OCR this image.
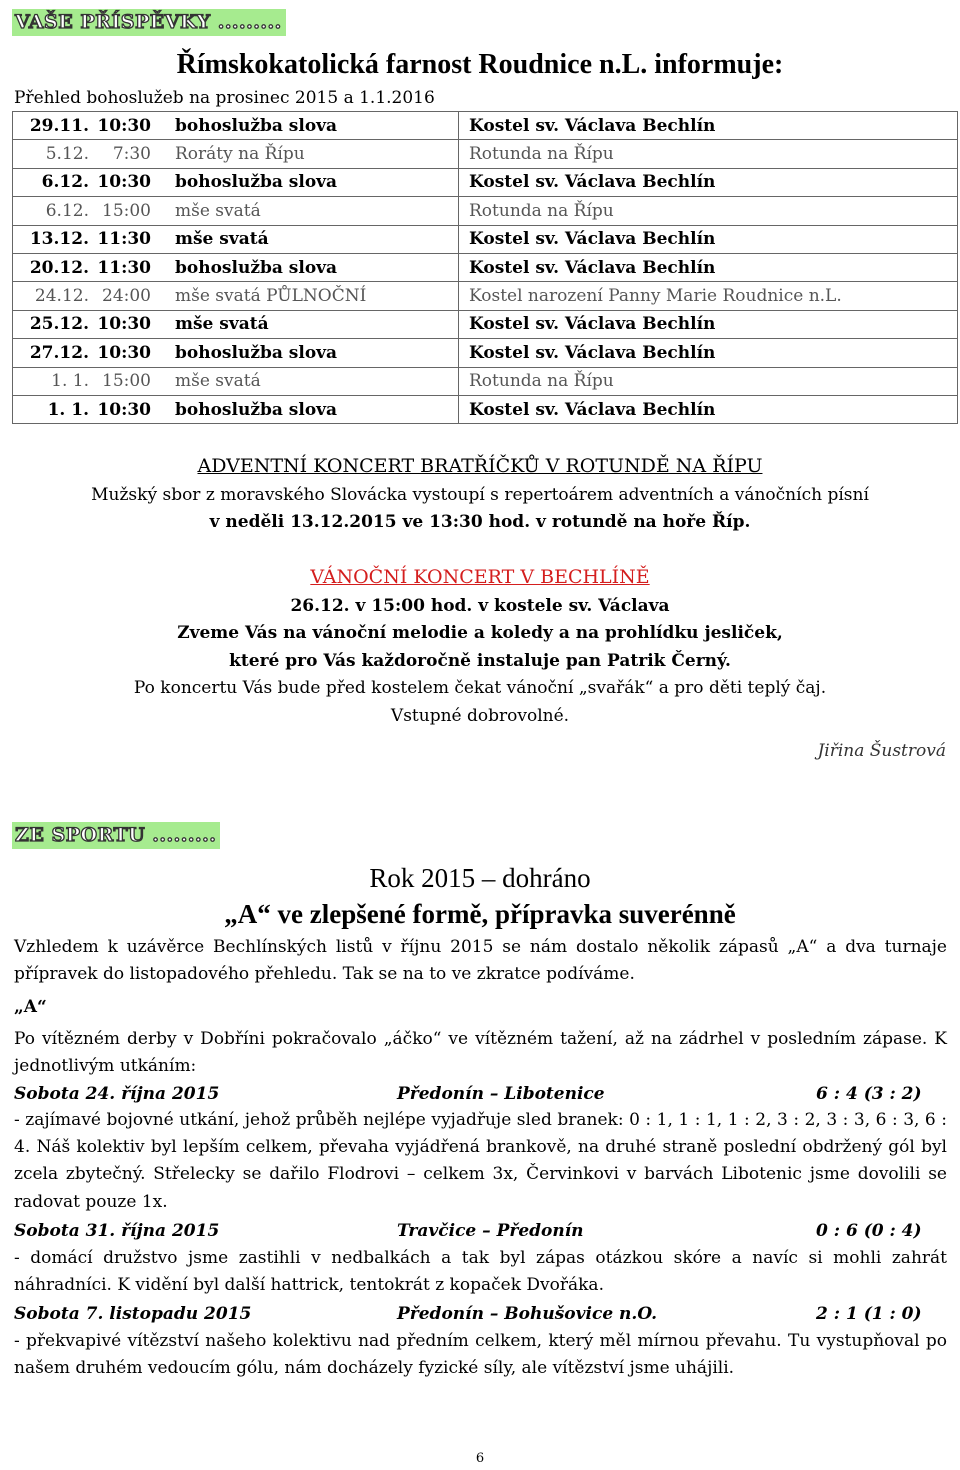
VAŠE PŘÍSPĚVKY .........
Římskokatolická farnost Roudnice n.L. informuje:
Přehled bohoslužeb na prosinec 2015 a 1.1.2016
29.11. 10:30 bohoslužba slova	Kostel sv. Václava Bechlín
5.12. 7:30 Roráty na Řípu	Rotunda na Řípu
6.12. 10:30 bohoslužba slova	Kostel sv. Václava Bechlín
6.12. 15:00 mše svatá	Rotunda na Řípu
13.12. 11:30 mše svatá	Kostel sv. Václava Bechlín
20.12. 11:30 bohoslužba slova	Kostel sv. Václava Bechlín
24.12. 24:00 mše svatá PŮLNOČNÍ	Kostel narození Panny Marie Roudnice n.L.
25.12. 10:30 mše svatá	Kostel sv. Václava Bechlín
27.12. 10:30 bohoslužba slova	Kostel sv. Václava Bechlín
1. 1. 15:00 mše svatá	Rotunda na Řípu
1. 1. 10:30 bohoslužba slova	Kostel sv. Václava Bechlín
ADVENTNÍ KONCERT BRATŘÍČKŮ V ROTUNDĚ NA ŘÍPU
Mužský sbor z moravského Slovácka vystoupí s repertoárem adventních a vánočních písní
v neděli 13.12.2015 ve 13:30 hod. v rotundě na hoře Říp.
VÁNOČNÍ KONCERT V BECHLÍNĚ
26.12. v 15:00 hod. v kostele sv. Václava
Zveme Vás na vánoční melodie a koledy a na prohlídku jesliček,
které pro Vás každoročně instaluje pan Patrik Černý.
Po koncertu Vás bude před kostelem čekat vánoční „svařák“ a pro děti teplý čaj.
Vstupné dobrovolné.
Jiřina Šustrová
ZE SPORTU .........
Rok 2015 – dohráno
„A“ ve zlepšené formě, přípravka suverénně
Vzhledem k uzávěrce Bechlínských listů v říjnu 2015 se nám dostalo několik zápasů „A“ a dva turnaje přípravek do listopadového přehledu. Tak se na to ve zkratce podíváme.
„A“
Po vítězném derby v Dobříni pokračovalo „áčko“ ve vítězném tažení, až na zádrhel v posledním zápase. K jednotlivým utkáním:
Sobota 24. října 2015	Předonín – Libotenice	6 : 4 (3 : 2)
- zajímavé bojovné utkání, jehož průběh nejlépe vyjadřuje sled branek: 0 : 1, 1 : 1, 1 : 2, 3 : 2, 3 : 3, 6 : 3, 6 : 4. Náš kolektiv byl lepším celkem, převaha vyjádřená brankově, na druhé straně poslední obdržený gól byl zcela zbytečný. Střelecky se dařilo Flodrovi – celkem 3x, Červinkovi v barvách Libotenic jsme dovolili se radovat pouze 1x.
Sobota 31. října 2015	Travčice – Předonín	0 : 6 (0 : 4)
- domácí družstvo jsme zastihli v nedbalkách a tak byl zápas otázkou skóre a navíc si mohli zahrát náhradníci. K vidění byl další hattrick, tentokrát z kopaček Dvořáka.
Sobota 7. listopadu 2015	Předonín – Bohušovice n.O.	2 : 1 (1 : 0)
- překvapivé vítězství našeho kolektivu nad předním celkem, který měl mírnou převahu. Tu vystupňoval po našem druhém vedoucím gólu, nám docházely fyzické síly, ale vítězství jsme uhájili.
6
